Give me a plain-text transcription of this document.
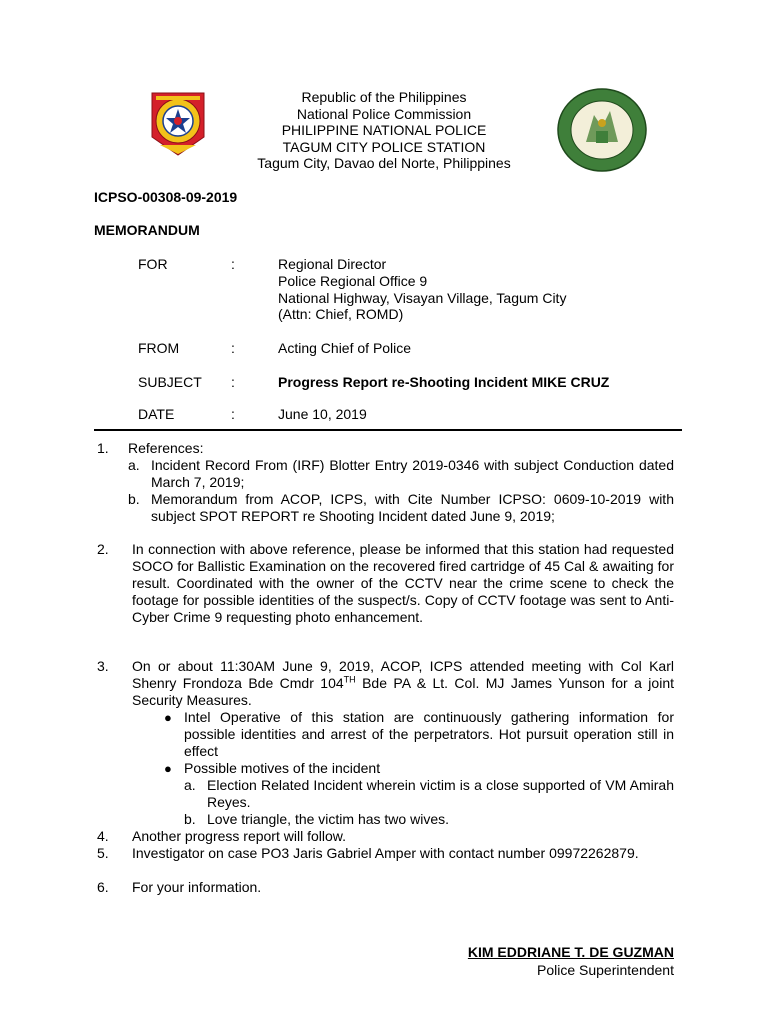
Republic of the Philippines
National Police Commission
PHILIPPINE NATIONAL POLICE
TAGUM CITY POLICE STATION
Tagum City, Davao del Norte, Philippines
ICPSO-00308-09-2019
MEMORANDUM
FOR	:	Regional Director
Police Regional Office 9
National Highway, Visayan Village, Tagum City
(Attn: Chief, ROMD)
FROM	:	Acting Chief of Police
SUBJECT :	Progress Report re-Shooting Incident MIKE CRUZ
DATE	:	June 10, 2019
1. References:
a. Incident Record From (IRF) Blotter Entry 2019-0346 with subject Conduction dated March 7, 2019;
b. Memorandum from ACOP, ICPS, with Cite Number ICPSO: 0609-10-2019 with subject SPOT REPORT re Shooting Incident dated June 9, 2019;
2. In connection with above reference, please be informed that this station had requested SOCO for Ballistic Examination on the recovered fired cartridge of 45 Cal & awaiting for result. Coordinated with the owner of the CCTV near the crime scene to check the footage for possible identities of the suspect/s. Copy of CCTV footage was sent to Anti-Cyber Crime 9 requesting photo enhancement.
3. On or about 11:30AM June 9, 2019, ACOP, ICPS attended meeting with Col Karl Shenry Frondoza Bde Cmdr 104TH Bde PA & Lt. Col. MJ James Yunson for a joint Security Measures.
● Intel Operative of this station are continuously gathering information for possible identities and arrest of the perpetrators. Hot pursuit operation still in effect
● Possible motives of the incident
a. Election Related Incident wherein victim is a close supported of VM Amirah Reyes.
b. Love triangle, the victim has two wives.
4. Another progress report will follow.
5. Investigator on case PO3 Jaris Gabriel Amper with contact number 09972262879.
6. For your information.
KIM EDDRIANE T. DE GUZMAN
Police Superintendent
